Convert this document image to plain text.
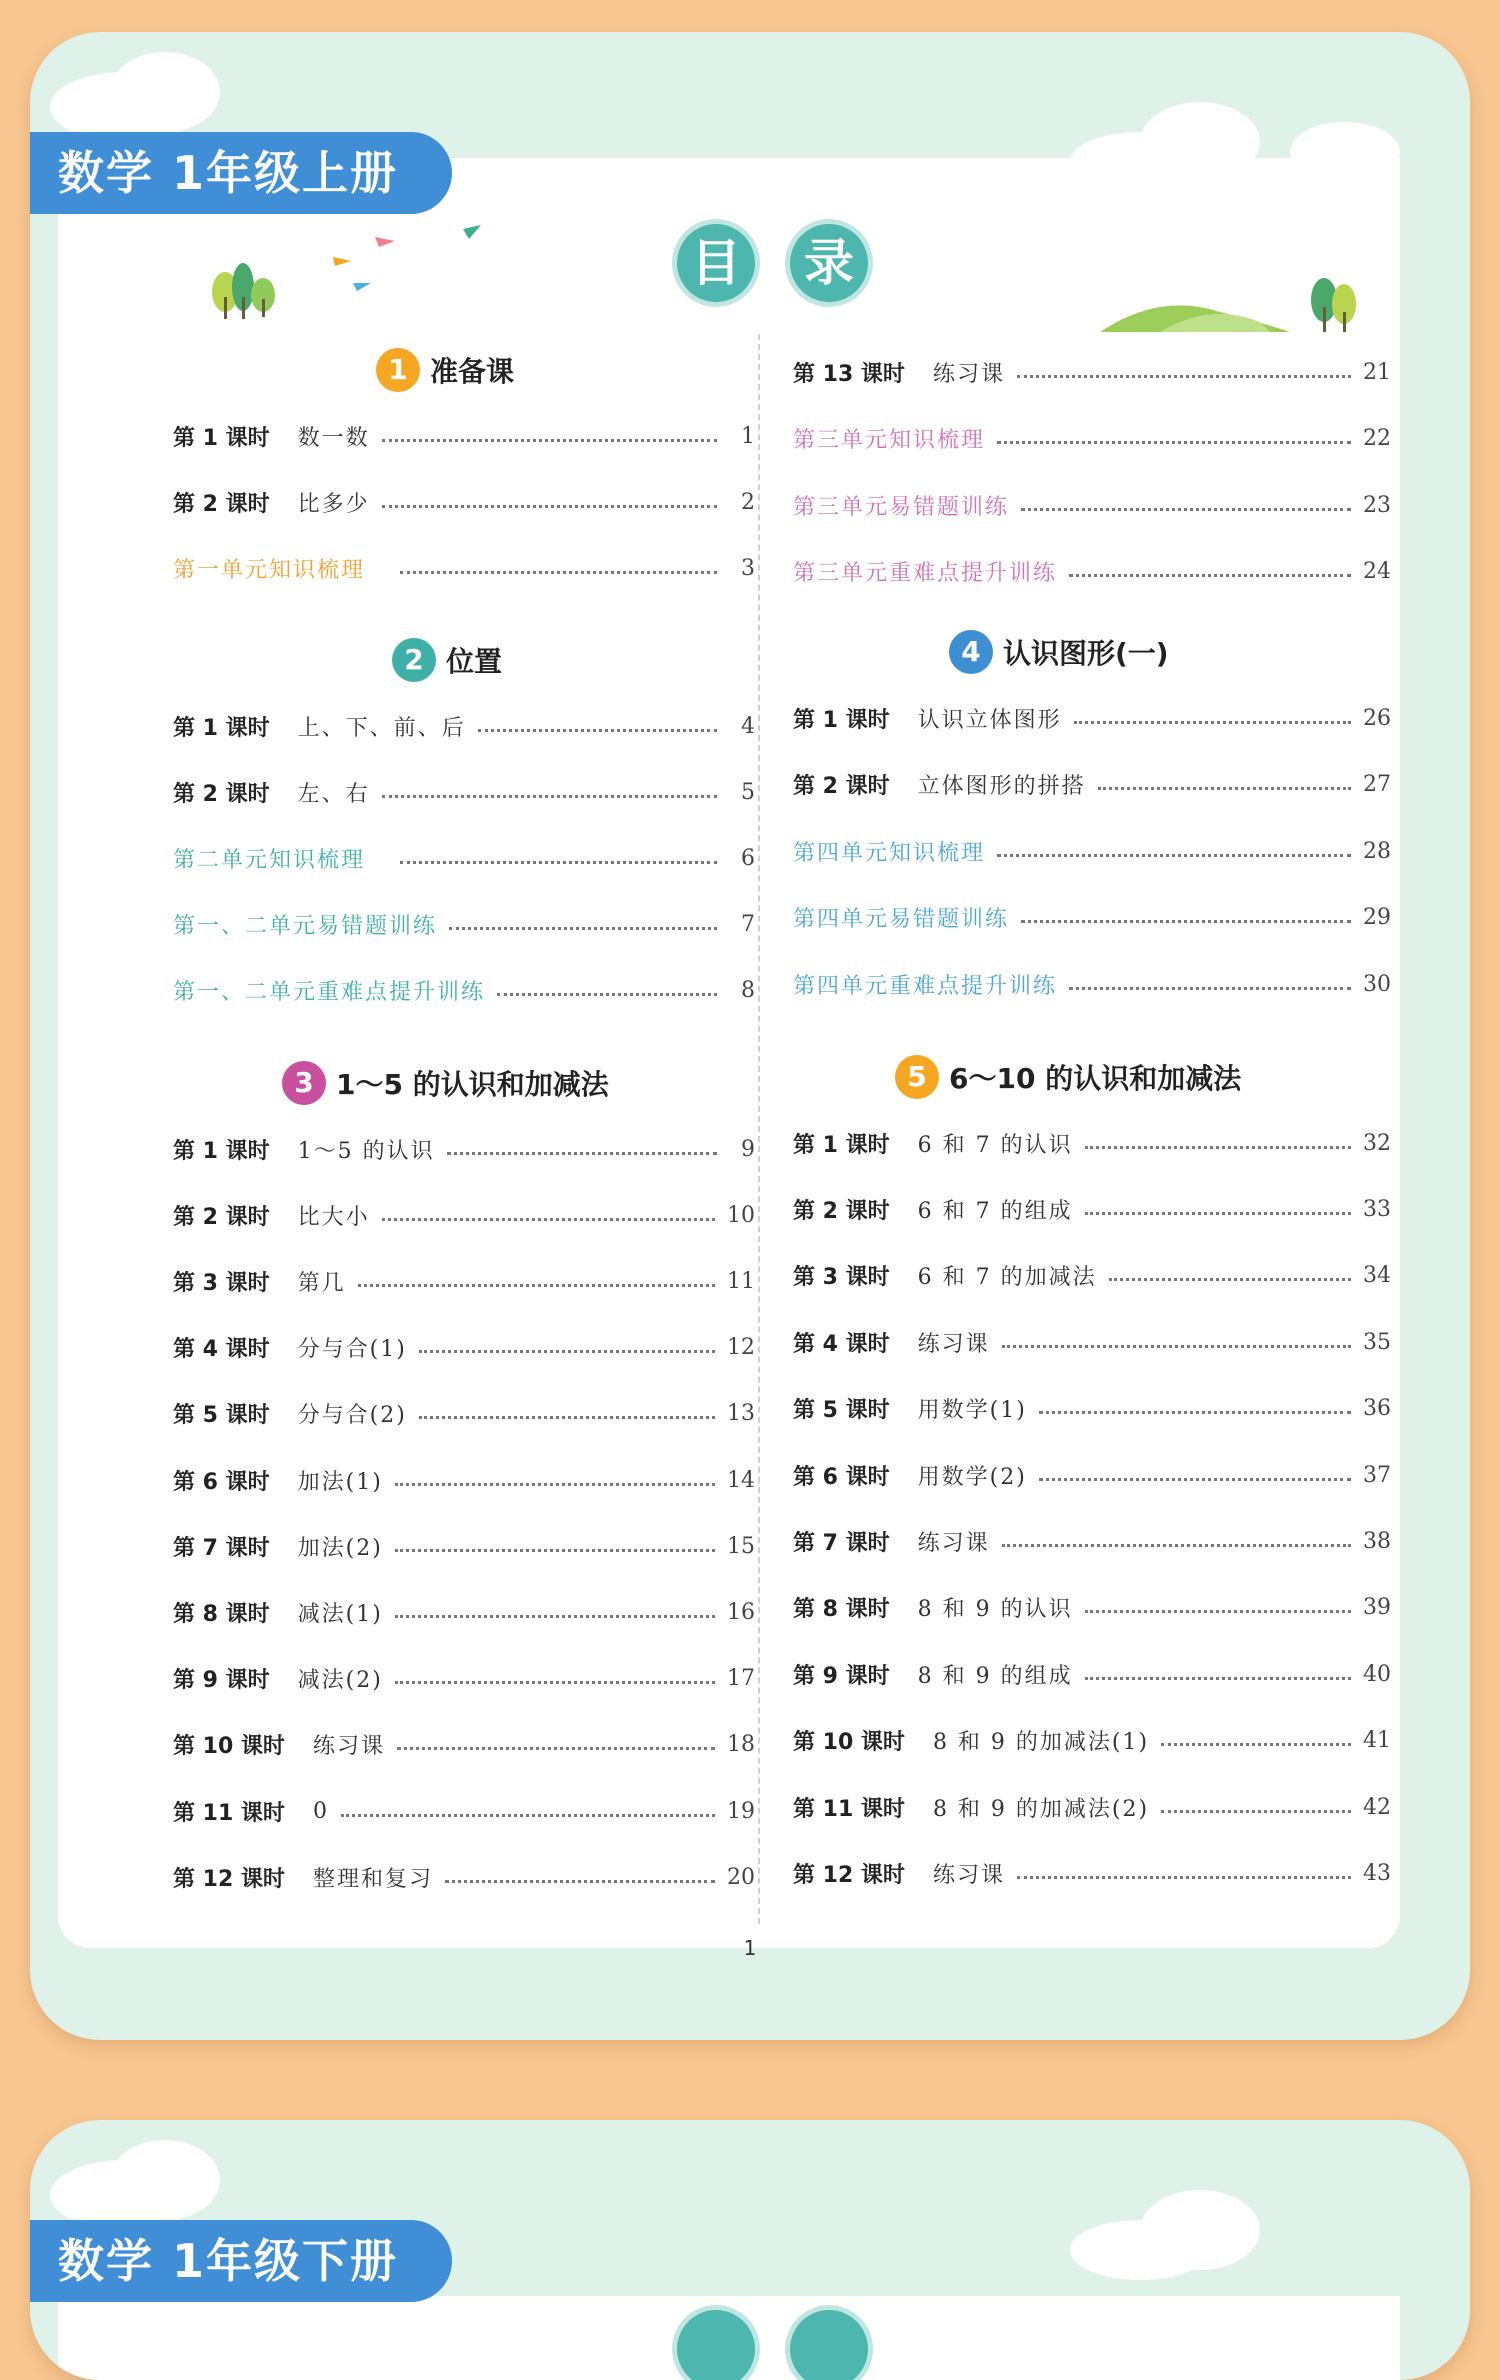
数学 1年级上册
目 录
1 准备课
第 1 课时 数一数	1
第 2 课时 比多少	2
第一单元知识梳理	3
2 位置
第 1 课时 上、下、前、后	4
第 2 课时 左、右	5
第二单元知识梳理	6
第一、二单元易错题训练	7
第一、二单元重难点提升训练	8
3 1～5 的认识和加减法
第 1 课时 1～5 的认识	9
第 2 课时 比大小	10
第 3 课时 第几	11
第 4 课时 分与合(1)	12
第 5 课时 分与合(2)	13
第 6 课时 加法(1)	14
第 7 课时 加法(2)	15
第 8 课时 减法(1)	16
第 9 课时 减法(2)	17
第 10 课时 练习课	18
第 11 课时 0	19
第 12 课时 整理和复习	20
第 13 课时 练习课	21
第三单元知识梳理	22
第三单元易错题训练	23
第三单元重难点提升训练	24
4 认识图形(一)
第 1 课时 认识立体图形	26
第 2 课时 立体图形的拼搭	27
第四单元知识梳理	28
第四单元易错题训练	29
第四单元重难点提升训练	30
5 6～10 的认识和加减法
第 1 课时 6 和 7 的认识	32
第 2 课时 6 和 7 的组成	33
第 3 课时 6 和 7 的加减法	34
第 4 课时 练习课	35
第 5 课时 用数学(1)	36
第 6 课时 用数学(2)	37
第 7 课时 练习课	38
第 8 课时 8 和 9 的认识	39
第 9 课时 8 和 9 的组成	40
第 10 课时 8 和 9 的加减法(1)	41
第 11 课时 8 和 9 的加减法(2)	42
第 12 课时 练习课	43
1
数学 1年级下册
